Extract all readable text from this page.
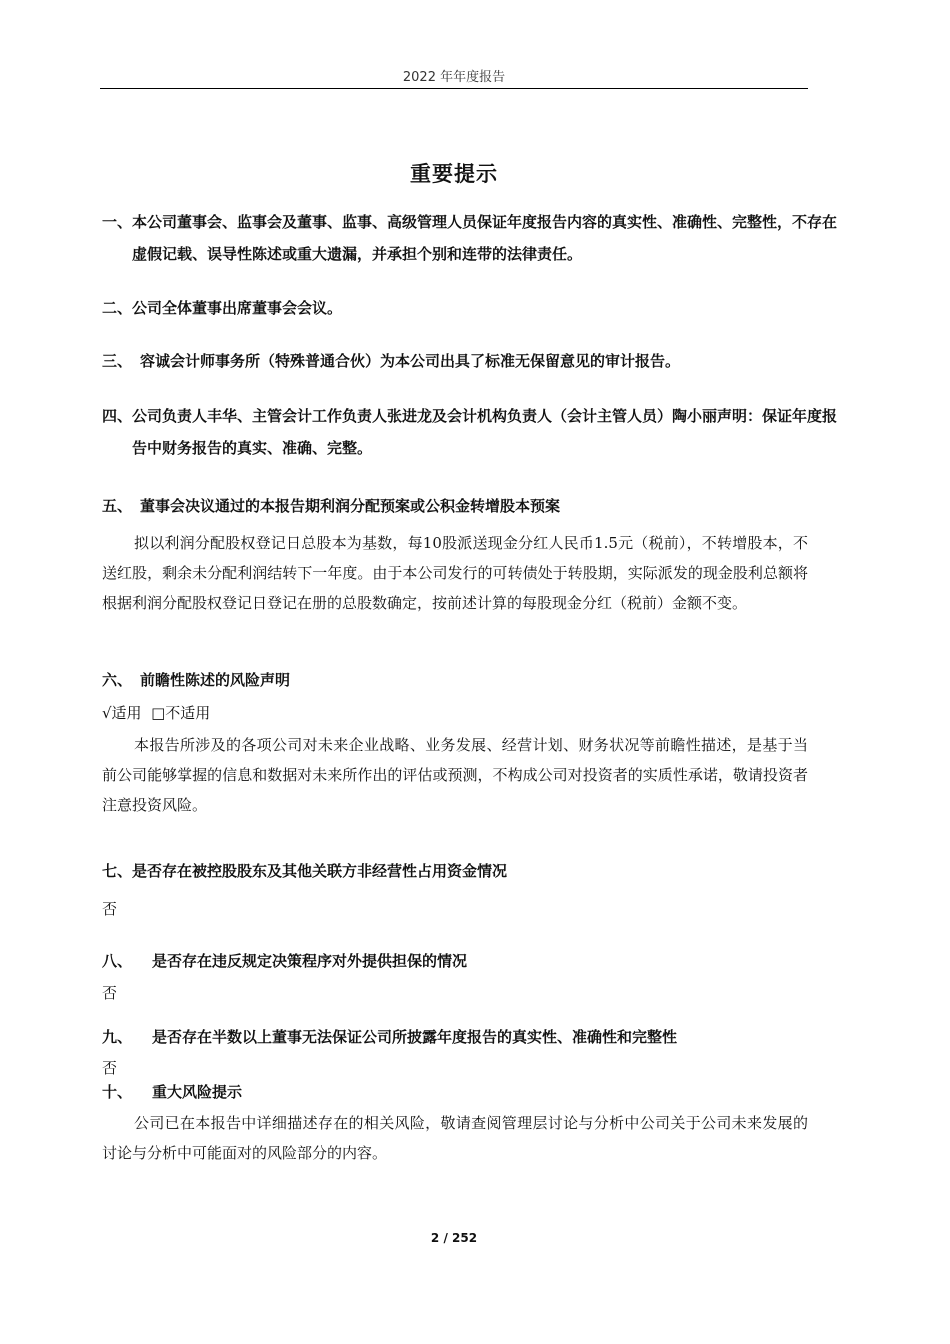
2022 年年度报告
重要提示
一、本公司董事会、监事会及董事、监事、高级管理人员保证年度报告内容的真实性、准确性、完整性，不存在虚假记载、误导性陈述或重大遗漏，并承担个别和连带的法律责任。
二、公司全体董事出席董事会会议。
三、 容诚会计师事务所（特殊普通合伙）为本公司出具了标准无保留意见的审计报告。
四、公司负责人丰华、主管会计工作负责人张进龙及会计机构负责人（会计主管人员）陶小丽声明：保证年度报告中财务报告的真实、准确、完整。
五、 董事会决议通过的本报告期利润分配预案或公积金转增股本预案
拟以利润分配股权登记日总股本为基数，每10股派送现金分红人民币1.5元（税前），不转增股本，不送红股，剩余未分配利润结转下一年度。由于本公司发行的可转债处于转股期，实际派发的现金股利总额将根据利润分配股权登记日登记在册的总股数确定，按前述计算的每股现金分红（税前）金额不变。
六、 前瞻性陈述的风险声明
√适用 □不适用
本报告所涉及的各项公司对未来企业战略、业务发展、经营计划、财务状况等前瞻性描述，是基于当前公司能够掌握的信息和数据对未来所作出的评估或预测，不构成公司对投资者的实质性承诺，敬请投资者注意投资风险。
七、是否存在被控股股东及其他关联方非经营性占用资金情况
否
八、 是否存在违反规定决策程序对外提供担保的情况
否
九、 是否存在半数以上董事无法保证公司所披露年度报告的真实性、准确性和完整性
否
十、 重大风险提示
公司已在本报告中详细描述存在的相关风险，敬请查阅管理层讨论与分析中公司关于公司未来发展的讨论与分析中可能面对的风险部分的内容。
2 / 252
